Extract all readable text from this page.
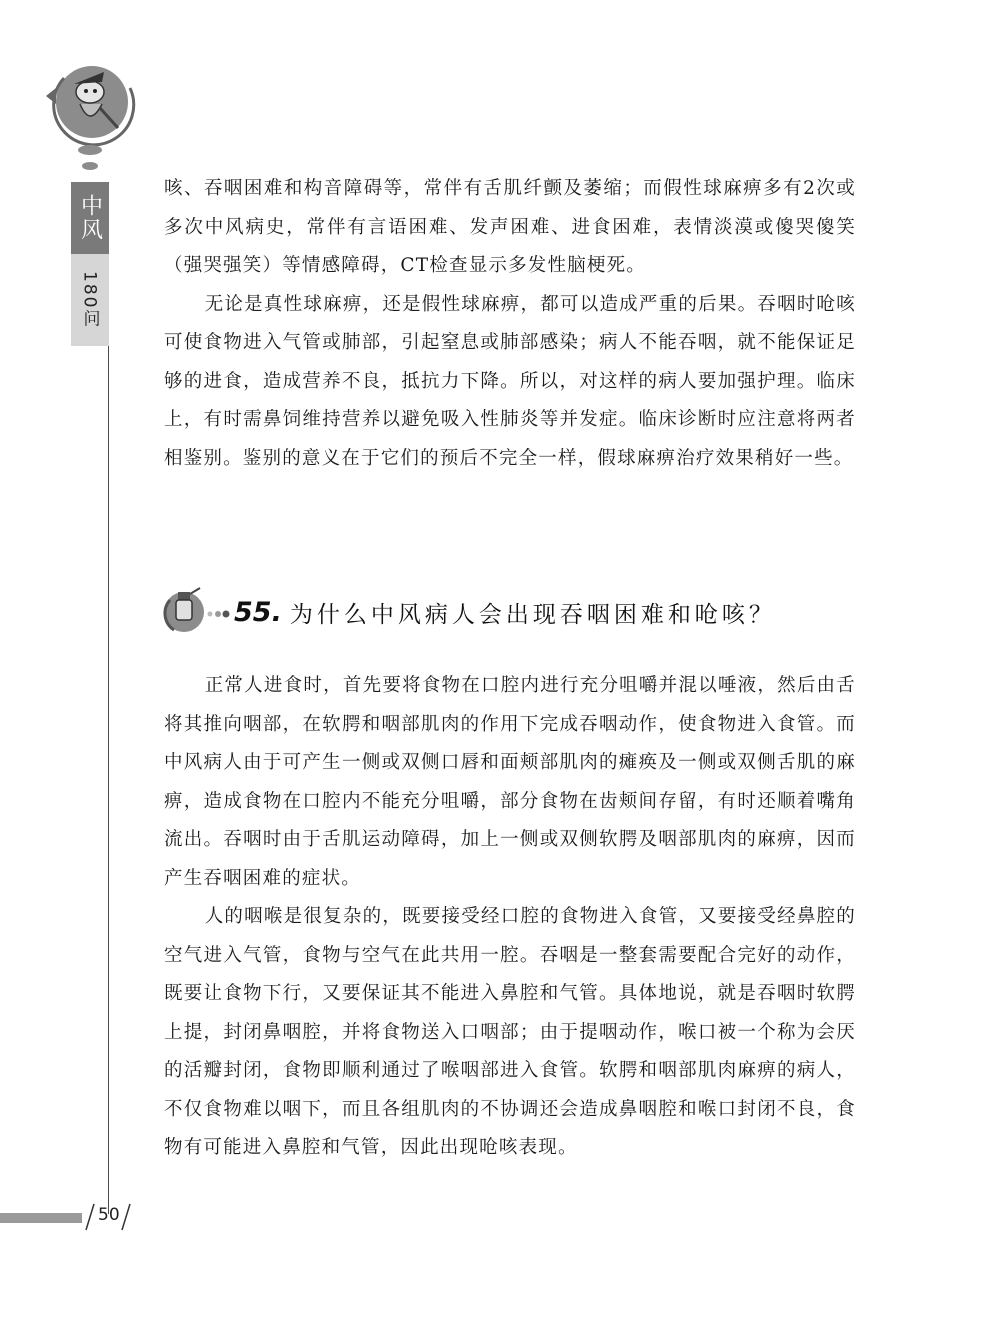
中风
180问

咳、吞咽困难和构音障碍等，常伴有舌肌纤颤及萎缩；而假性球麻痹多有2次或多次中风病史，常伴有言语困难、发声困难、进食困难，表情淡漠或傻哭傻笑（强哭强笑）等情感障碍，CT检查显示多发性脑梗死。

无论是真性球麻痹，还是假性球麻痹，都可以造成严重的后果。吞咽时呛咳可使食物进入气管或肺部，引起窒息或肺部感染；病人不能吞咽，就不能保证足够的进食，造成营养不良，抵抗力下降。所以，对这样的病人要加强护理。临床上，有时需鼻饲维持营养以避免吸入性肺炎等并发症。临床诊断时应注意将两者相鉴别。鉴别的意义在于它们的预后不完全一样，假球麻痹治疗效果稍好一些。

55. 为什么中风病人会出现吞咽困难和呛咳？

正常人进食时，首先要将食物在口腔内进行充分咀嚼并混以唾液，然后由舌将其推向咽部，在软腭和咽部肌肉的作用下完成吞咽动作，使食物进入食管。而中风病人由于可产生一侧或双侧口唇和面颊部肌肉的瘫痪及一侧或双侧舌肌的麻痹，造成食物在口腔内不能充分咀嚼，部分食物在齿颊间存留，有时还顺着嘴角流出。吞咽时由于舌肌运动障碍，加上一侧或双侧软腭及咽部肌肉的麻痹，因而产生吞咽困难的症状。

人的咽喉是很复杂的，既要接受经口腔的食物进入食管，又要接受经鼻腔的空气进入气管，食物与空气在此共用一腔。吞咽是一整套需要配合完好的动作，既要让食物下行，又要保证其不能进入鼻腔和气管。具体地说，就是吞咽时软腭上提，封闭鼻咽腔，并将食物送入口咽部；由于提咽动作，喉口被一个称为会厌的活瓣封闭，食物即顺利通过了喉咽部进入食管。软腭和咽部肌肉麻痹的病人，不仅食物难以咽下，而且各组肌肉的不协调还会造成鼻咽腔和喉口封闭不良，食物有可能进入鼻腔和气管，因此出现呛咳表现。

50
